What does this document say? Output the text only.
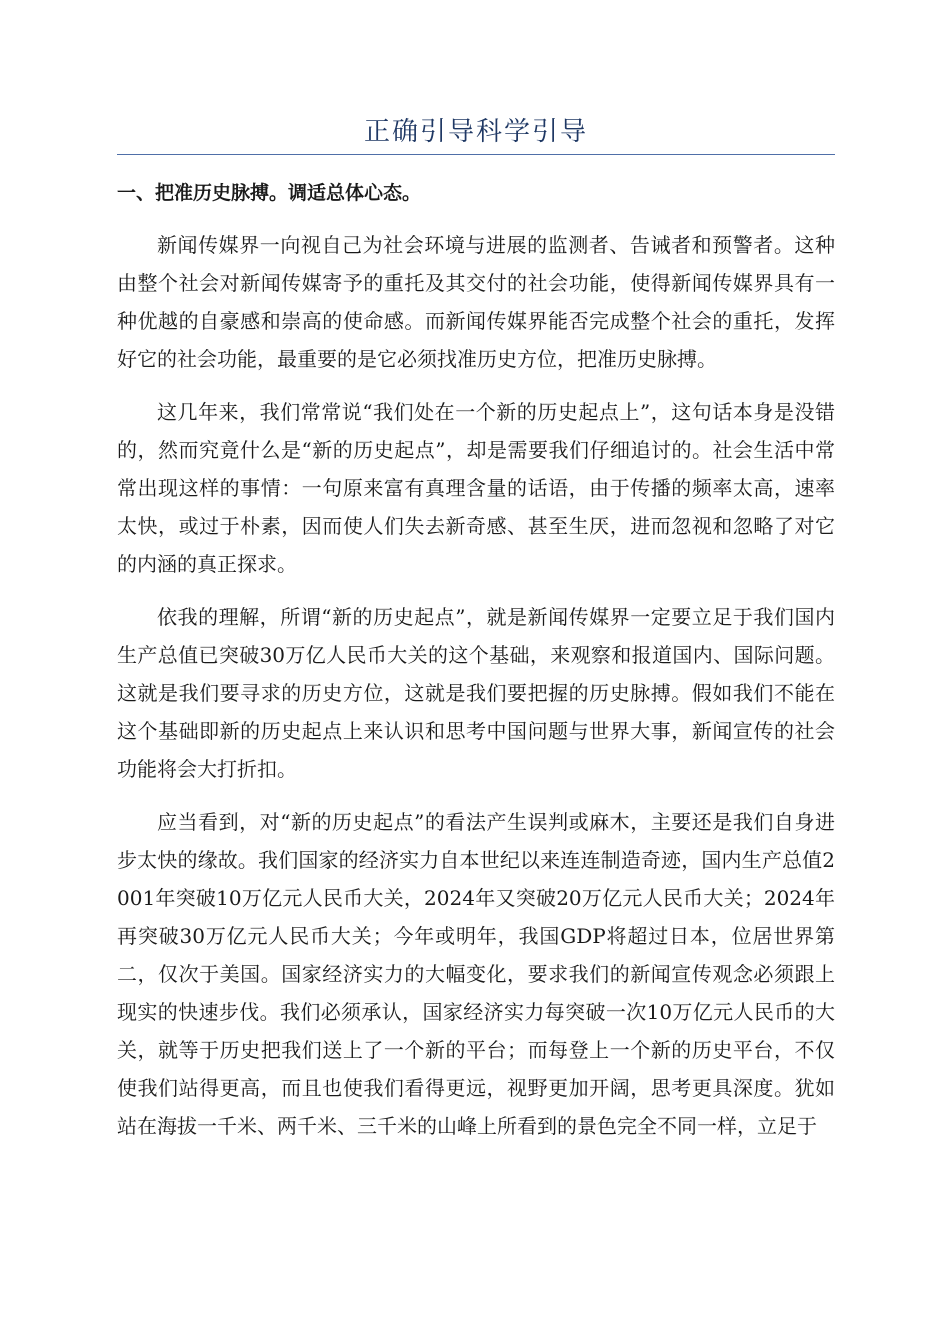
正确引导科学引导
一、把准历史脉搏。调适总体心态。

新闻传媒界一向视自己为社会环境与进展的监测者、告诫者和预警者。这种由整个社会对新闻传媒寄予的重托及其交付的社会功能，使得新闻传媒界具有一种优越的自豪感和崇高的使命感。而新闻传媒界能否完成整个社会的重托，发挥好它的社会功能，最重要的是它必须找准历史方位，把准历史脉搏。

这几年来，我们常常说“我们处在一个新的历史起点上”，这句话本身是没错的，然而究竟什么是“新的历史起点”，却是需要我们仔细追讨的。社会生活中常常出现这样的事情：一句原来富有真理含量的话语，由于传播的频率太高，速率太快，或过于朴素，因而使人们失去新奇感、甚至生厌，进而忽视和忽略了对它的内涵的真正探求。

依我的理解，所谓“新的历史起点”，就是新闻传媒界一定要立足于我们国内生产总值已突破30万亿人民币大关的这个基础，来观察和报道国内、国际问题。这就是我们要寻求的历史方位，这就是我们要把握的历史脉搏。假如我们不能在这个基础即新的历史起点上来认识和思考中国问题与世界大事，新闻宣传的社会功能将会大打折扣。

应当看到，对“新的历史起点”的看法产生误判或麻木，主要还是我们自身进步太快的缘故。我们国家的经济实力自本世纪以来连连制造奇迹，国内生产总值2001年突破10万亿元人民币大关，2024年又突破20万亿元人民币大关；2024年再突破30万亿元人民币大关；今年或明年，我国GDP将超过日本，位居世界第二，仅次于美国。国家经济实力的大幅变化，要求我们的新闻宣传观念必须跟上现实的快速步伐。我们必须承认，国家经济实力每突破一次10万亿元人民币的大关，就等于历史把我们送上了一个新的平台；而每登上一个新的历史平台，不仅使我们站得更高，而且也使我们看得更远，视野更加开阔，思考更具深度。犹如站在海拔一千米、两千米、三千米的山峰上所看到的景色完全不同一样，立足于
